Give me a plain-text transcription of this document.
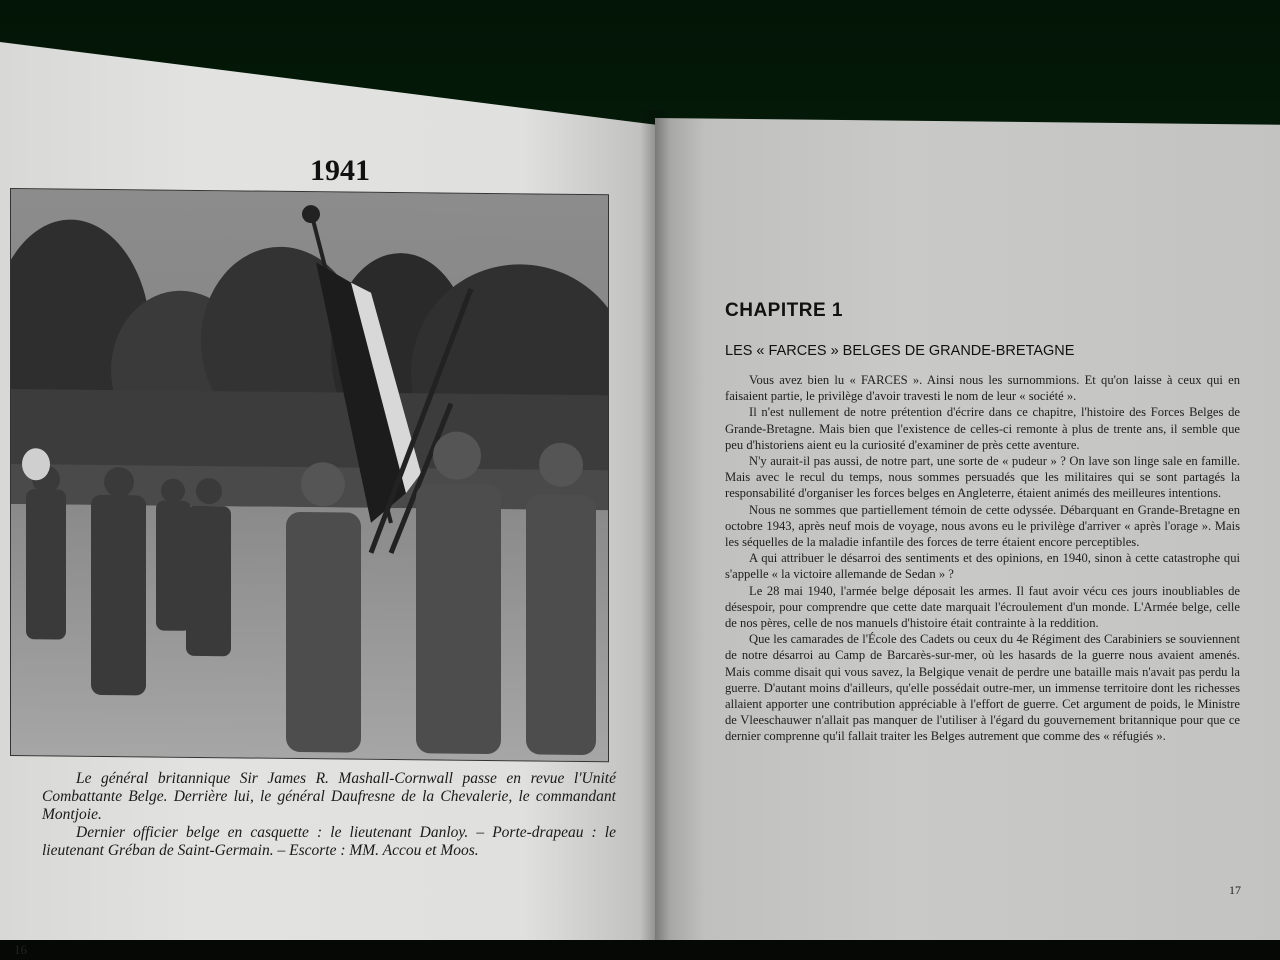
1941

Le général britannique Sir James R. Mashall-Cornwall passe en revue l'Unité Combattante Belge. Derrière lui, le général Daufresne de la Chevalerie, le commandant Montjoie.

Dernier officier belge en casquette : le lieutenant Danloy. – Porte-drapeau : le lieutenant Gréban de Saint-Germain. – Escorte : MM. Accou et Moos.

16
CHAPITRE 1
LES « FARCES » BELGES DE GRANDE-BRETAGNE

Vous avez bien lu « FARCES ». Ainsi nous les surnommions. Et qu'on laisse à ceux qui en faisaient partie, le privilège d'avoir travesti le nom de leur « société ».

Il n'est nullement de notre prétention d'écrire dans ce chapitre, l'histoire des Forces Belges de Grande-Bretagne. Mais bien que l'existence de celles-ci remonte à plus de trente ans, il semble que peu d'historiens aient eu la curiosité d'examiner de près cette aventure.

N'y aurait-il pas aussi, de notre part, une sorte de « pudeur » ? On lave son linge sale en famille. Mais avec le recul du temps, nous sommes persuadés que les militaires qui se sont partagés la responsabilité d'organiser les forces belges en Angleterre, étaient animés des meilleures intentions.

Nous ne sommes que partiellement témoin de cette odyssée. Débarquant en Grande-Bretagne en octobre 1943, après neuf mois de voyage, nous avons eu le privilège d'arriver « après l'orage ». Mais les séquelles de la maladie infantile des forces de terre étaient encore perceptibles.

A qui attribuer le désarroi des sentiments et des opinions, en 1940, sinon à cette catastrophe qui s'appelle « la victoire allemande de Sedan » ?

Le 28 mai 1940, l'armée belge déposait les armes. Il faut avoir vécu ces jours inoubliables de désespoir, pour comprendre que cette date marquait l'écroulement d'un monde. L'Armée belge, celle de nos pères, celle de nos manuels d'histoire était contrainte à la reddition.

Que les camarades de l'École des Cadets ou ceux du 4e Régiment des Carabiniers se souviennent de notre désarroi au Camp de Barcarès-sur-mer, où les hasards de la guerre nous avaient amenés. Mais comme disait qui vous savez, la Belgique venait de perdre une bataille mais n'avait pas perdu la guerre. D'autant moins d'ailleurs, qu'elle possédait outre-mer, un immense territoire dont les richesses allaient apporter une contribution appréciable à l'effort de guerre. Cet argument de poids, le Ministre de Vleeschauwer n'allait pas manquer de l'utiliser à l'égard du gouvernement britannique pour que ce dernier comprenne qu'il fallait traiter les Belges autrement que comme des « réfugiés ».

17
